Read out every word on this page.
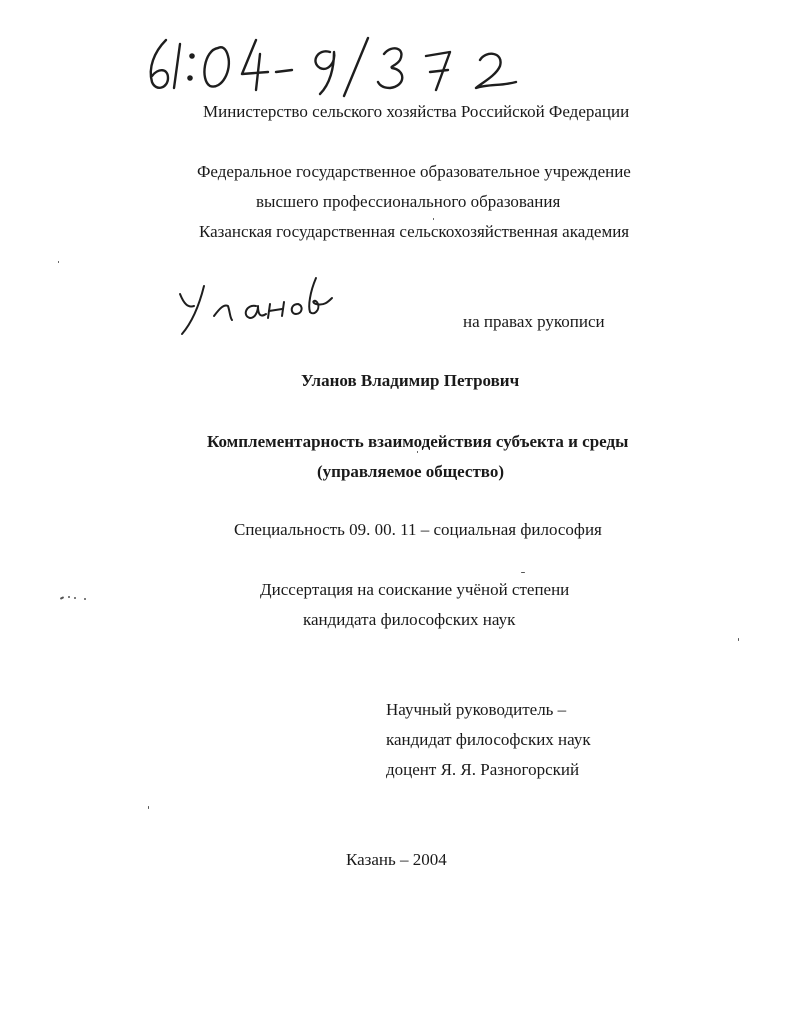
Министерство сельского хозяйства Российской Федерации
Федеральное государственное образовательное учреждение
высшего профессионального образования
Казанская государственная сельскохозяйственная академия
на правах рукописи
Уланов Владимир Петрович
Комплементарность взаимодействия субъекта и среды
(управляемое общество)
Специальность 09. 00. 11 – социальная философия
Диссертация на соискание учёной степени
кандидата философских наук
Научный руководитель –
кандидат философских наук
доцент Я. Я. Разногорский
Казань – 2004
